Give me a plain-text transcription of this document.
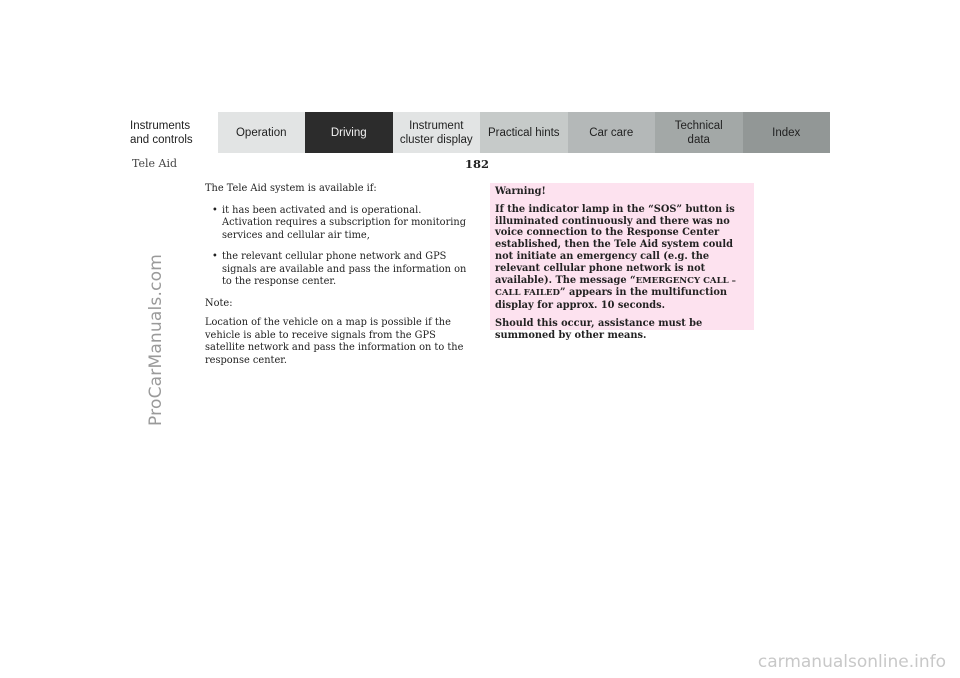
Instruments
and controls
Operation	Driving
Instrument
cluster display
Practical hints	Car care
Technical
data
Index
Tele Aid	182

The Tele Aid system is available if:

• it has been activated and is operational. Activation requires a subscription for monitoring services and cellular air time,
• the relevant cellular phone network and GPS signals are available and pass the information on to the response center.

Note:

Location of the vehicle on a map is possible if the vehicle is able to receive signals from the GPS satellite network and pass the information on to the response center.

Warning!

If the indicator lamp in the “SOS” button is illuminated continuously and there was no voice connection to the Response Center established, then the Tele Aid system could not initiate an emergency call (e.g. the relevant cellular phone network is not available). The message “EMERGENCY CALL – CALL FAILED” appears in the multifunction display for approx. 10 seconds.

Should this occur, assistance must be summoned by other means.

ProCarManuals.com
carmanualsonline.info
